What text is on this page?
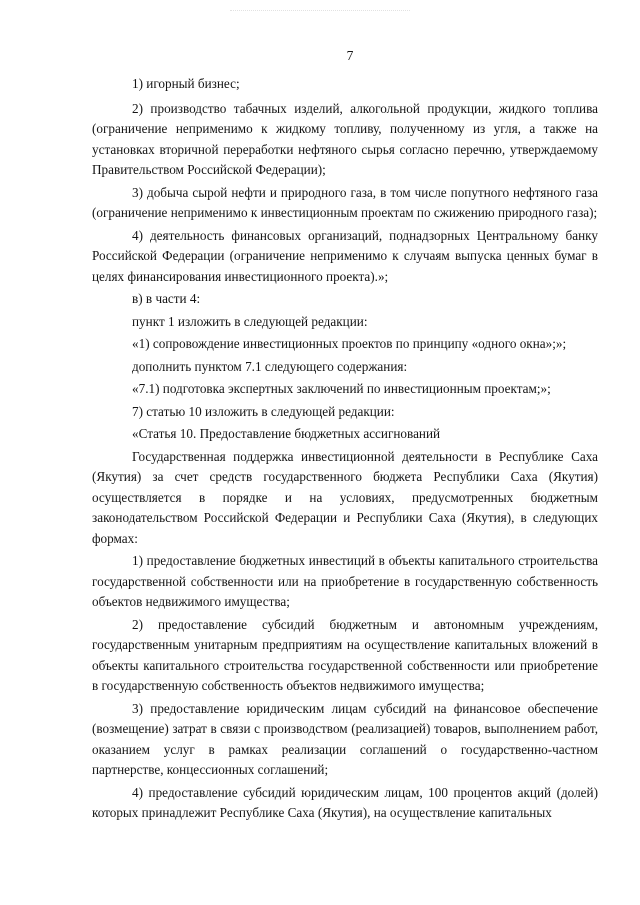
7

1) игорный бизнес;

2) производство табачных изделий, алкогольной продукции, жидкого топлива (ограничение неприменимо к жидкому топливу, полученному из угля, а также на установках вторичной переработки нефтяного сырья согласно перечню, утверждаемому Правительством Российской Федерации);

3) добыча сырой нефти и природного газа, в том числе попутного нефтяного газа (ограничение неприменимо к инвестиционным проектам по сжижению природного газа);

4) деятельность финансовых организаций, поднадзорных Центральному банку Российской Федерации (ограничение неприменимо к случаям выпуска ценных бумаг в целях финансирования инвестиционного проекта).»;

в) в части 4:

пункт 1 изложить в следующей редакции:

«1) сопровождение инвестиционных проектов по принципу «одного окна»;»;

дополнить пунктом 7.1 следующего содержания:

«7.1) подготовка экспертных заключений по инвестиционным проектам;»;

7) статью 10 изложить в следующей редакции:

«Статья 10. Предоставление бюджетных ассигнований

Государственная поддержка инвестиционной деятельности в Республике Саха (Якутия) за счет средств государственного бюджета Республики Саха (Якутия) осуществляется в порядке и на условиях, предусмотренных бюджетным законодательством Российской Федерации и Республики Саха (Якутия), в следующих формах:

1) предоставление бюджетных инвестиций в объекты капитального строительства государственной собственности или на приобретение в государственную собственность объектов недвижимого имущества;

2) предоставление субсидий бюджетным и автономным учреждениям, государственным унитарным предприятиям на осуществление капитальных вложений в объекты капитального строительства государственной собственности или приобретение в государственную собственность объектов недвижимого имущества;

3) предоставление юридическим лицам субсидий на финансовое обеспечение (возмещение) затрат в связи с производством (реализацией) товаров, выполнением работ, оказанием услуг в рамках реализации соглашений о государственно-частном партнерстве, концессионных соглашений;

4) предоставление субсидий юридическим лицам, 100 процентов акций (долей) которых принадлежит Республике Саха (Якутия), на осуществление капитальных
